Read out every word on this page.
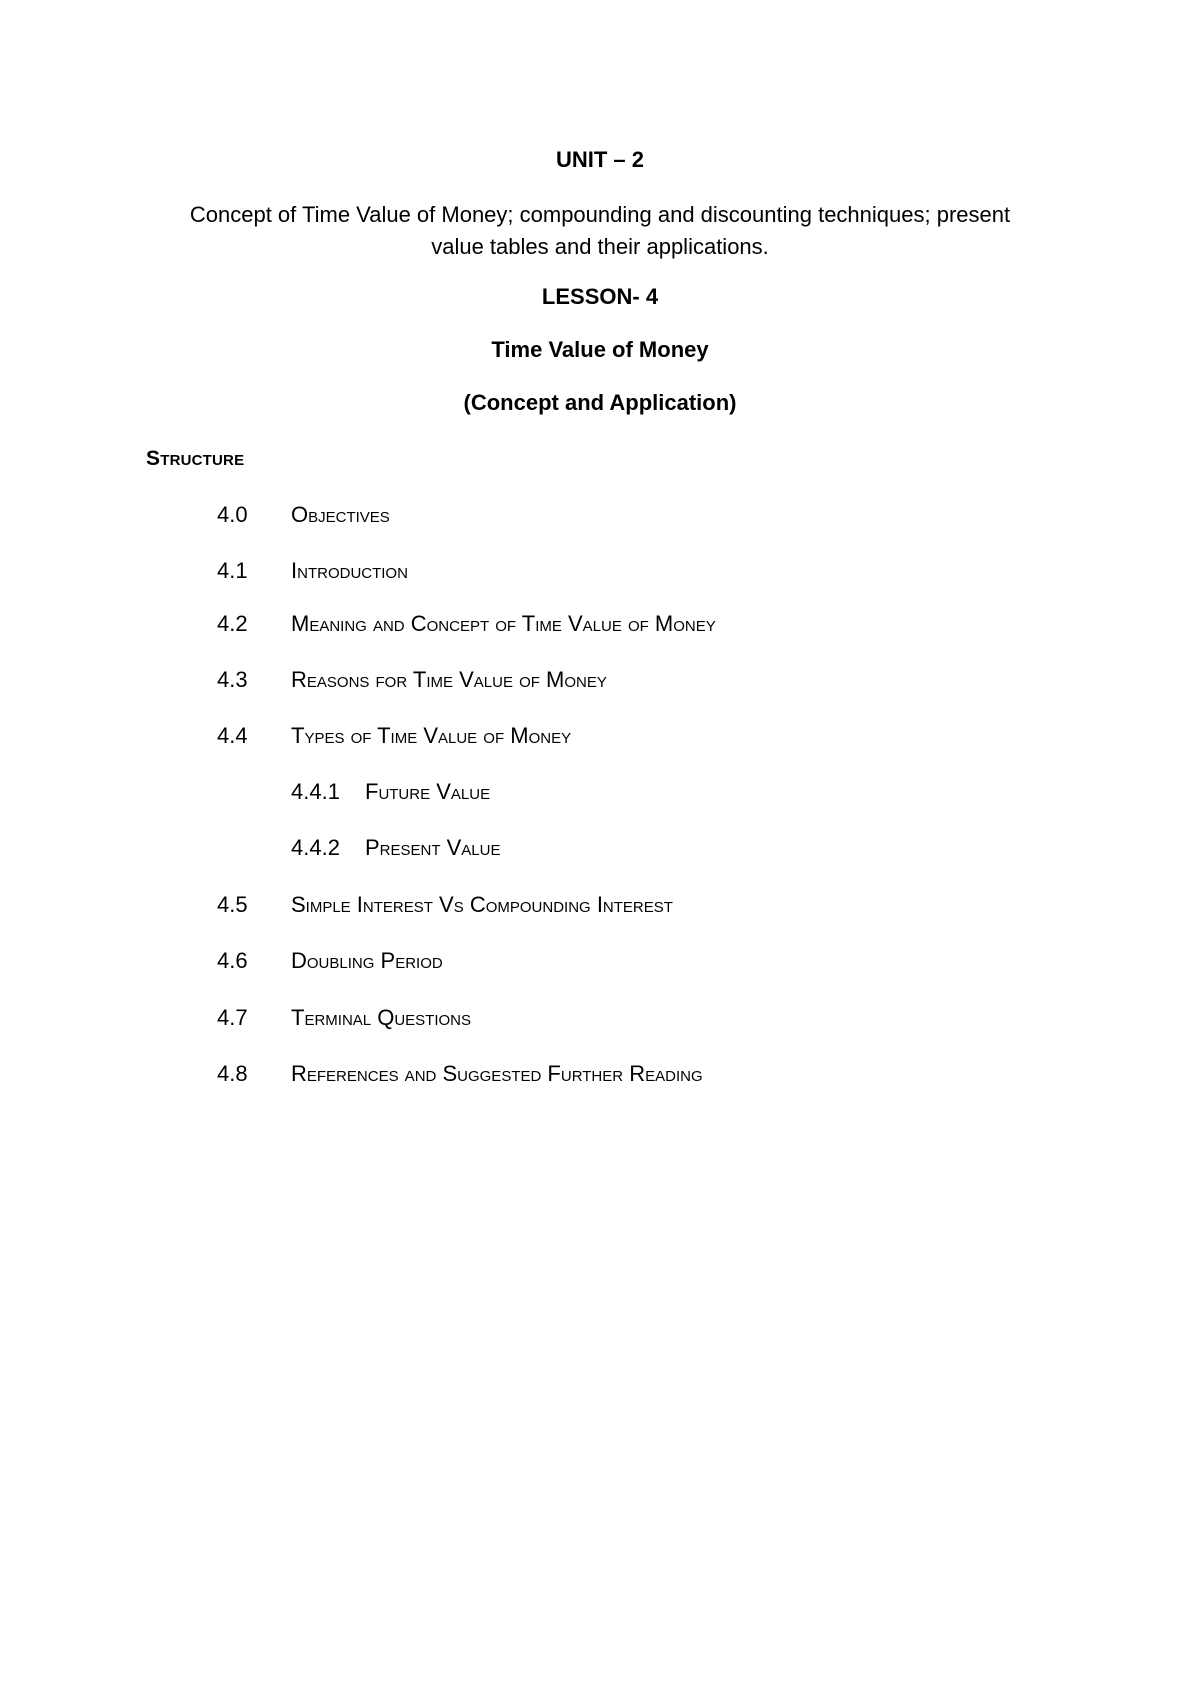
UNIT – 2
Concept of Time Value of Money; compounding and discounting techniques; present
value tables and their applications.
LESSON- 4
Time Value of Money
(Concept and Application)
Structure
4.0 Objectives
4.1 Introduction
4.2 Meaning and Concept of Time Value of Money
4.3 Reasons for Time Value of Money
4.4 Types of Time Value of Money
4.4.1 Future Value
4.4.2 Present Value
4.5 Simple Interest Vs Compounding Interest
4.6 Doubling Period
4.7 Terminal Questions
4.8 References and Suggested Further Reading
